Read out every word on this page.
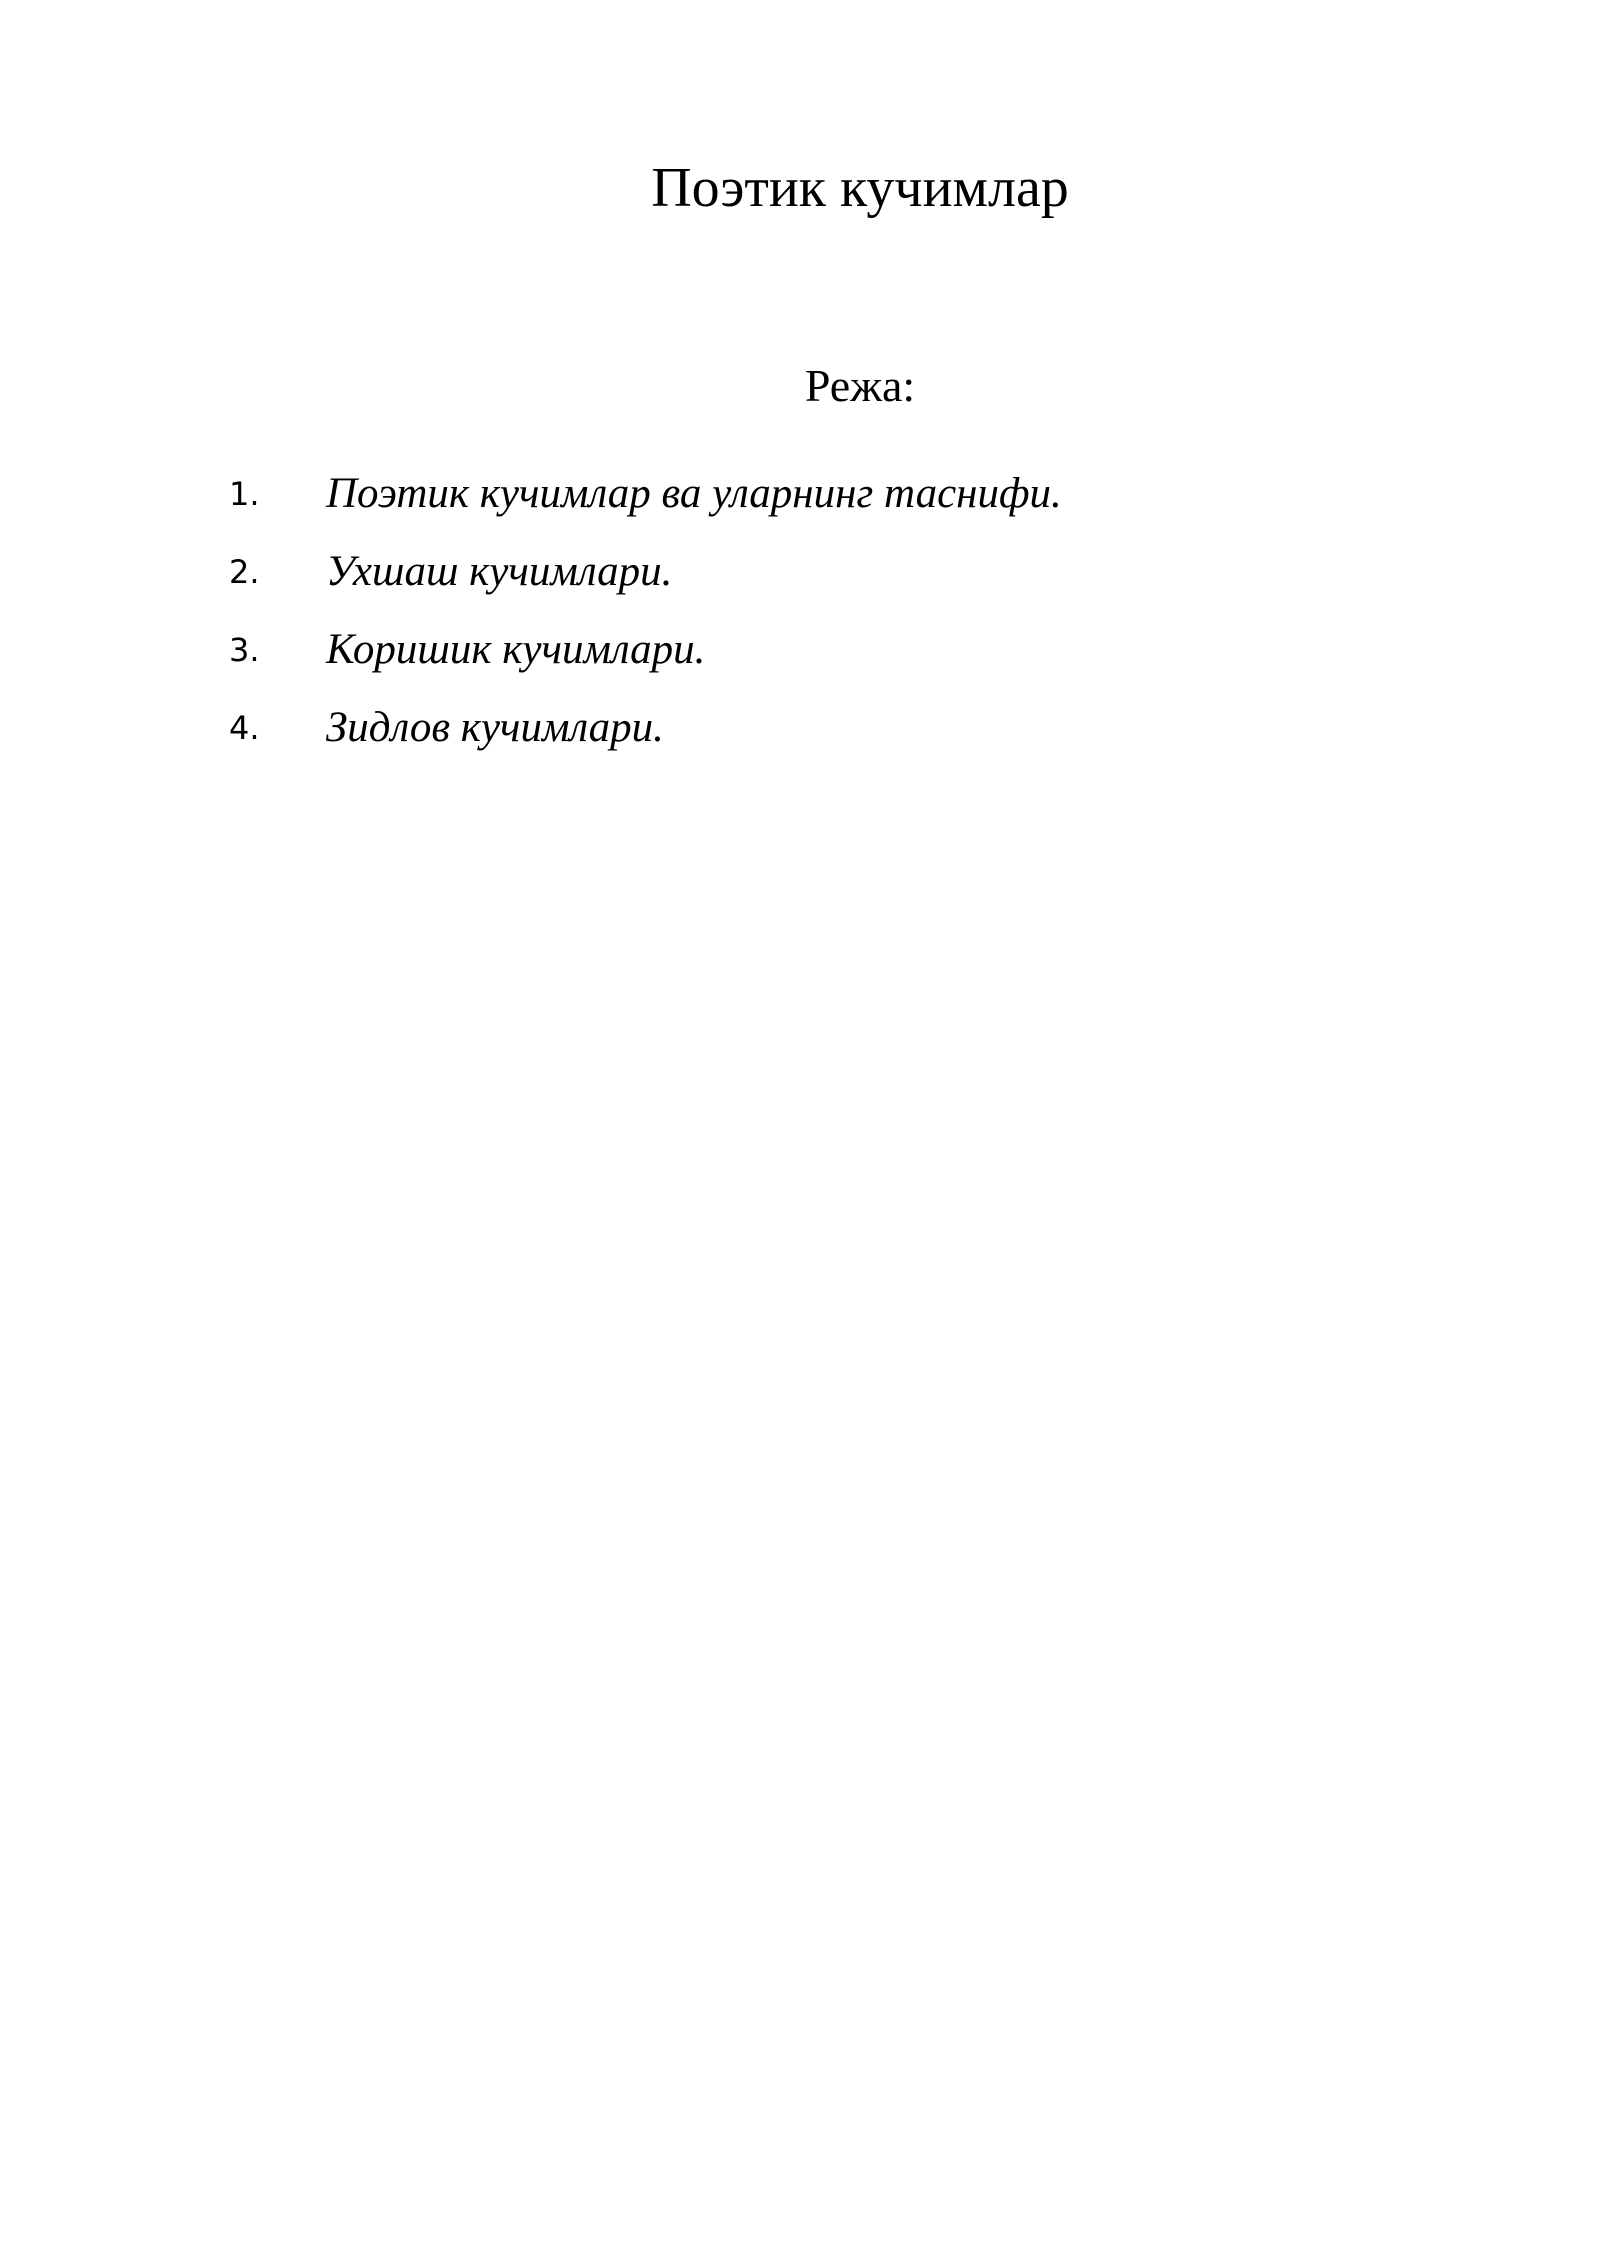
Поэтик кучимлар
Режа:
1. Поэтик кучимлар ва уларнинг таснифи.
2. Ухшаш кучимлари.
3. Коришик кучимлари.
4. Зидлов кучимлари.
